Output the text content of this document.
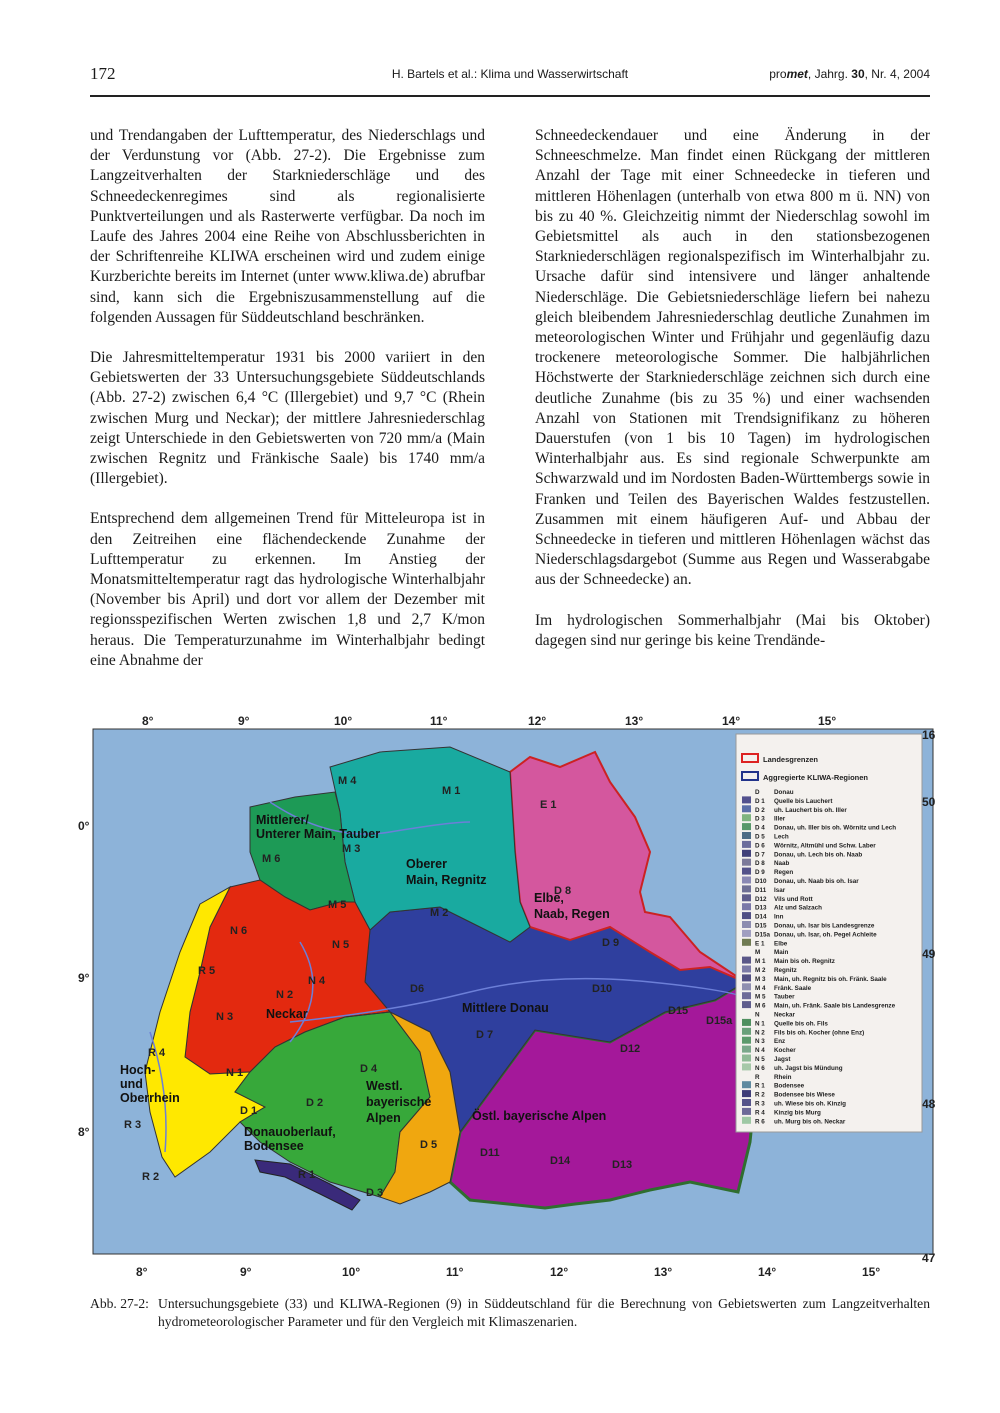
172	H. Bartels et al.: Klima und Wasserwirtschaft	promet, Jahrg. 30, Nr. 4, 2004

und Trendangaben der Lufttemperatur, des Niederschlags und der Verdunstung vor (Abb. 27-2). Die Ergebnisse zum Langzeitverhalten der Starkniederschläge und des Schneedeckenregimes sind als regionalisierte Punktverteilungen und als Rasterwerte verfügbar. Da noch im Laufe des Jahres 2004 eine Reihe von Abschlussberichten in der Schriftenreihe KLIWA erscheinen wird und zudem einige Kurzberichte bereits im Internet (unter www.kliwa.de) abrufbar sind, kann sich die Ergebniszusammenstellung auf die folgenden Aussagen für Süddeutschland beschränken.

Die Jahresmitteltemperatur 1931 bis 2000 variiert in den Gebietswerten der 33 Untersuchungsgebiete Süddeutschlands (Abb. 27-2) zwischen 6,4 °C (Illergebiet) und 9,7 °C (Rhein zwischen Murg und Neckar); der mittlere Jahresniederschlag zeigt Unterschiede in den Gebietswerten von 720 mm/a (Main zwischen Regnitz und Fränkische Saale) bis 1740 mm/a (Illergebiet).

Entsprechend dem allgemeinen Trend für Mitteleuropa ist in den Zeitreihen eine flächendeckende Zunahme der Lufttemperatur zu erkennen. Im Anstieg der Monatsmitteltemperatur ragt das hydrologische Winterhalbjahr (November bis April) und dort vor allem der Dezember mit regionsspezifischen Werten zwischen 1,8 und 2,7 K/mon heraus. Die Temperaturzunahme im Winterhalbjahr bedingt eine Abnahme der

Schneedeckendauer und eine Änderung in der Schneeschmelze. Man findet einen Rückgang der mittleren Anzahl der Tage mit einer Schneedecke in tieferen und mittleren Höhenlagen (unterhalb von etwa 800 m ü. NN) von bis zu 40 %. Gleichzeitig nimmt der Niederschlag sowohl im Gebietsmittel als auch in den stationsbezogenen Starkniederschlägen regionalspezifisch im Winterhalbjahr zu. Ursache dafür sind intensivere und länger anhaltende Niederschläge. Die Gebietsniederschläge liefern bei nahezu gleich bleibendem Jahresniederschlag deutliche Zunahmen im meteorologischen Winter und Frühjahr und gegenläufig dazu trockenere meteorologische Sommer. Die halbjährlichen Höchstwerte der Starkniederschläge zeichnen sich durch eine deutliche Zunahme (bis zu 35 %) und einer wachsenden Anzahl von Stationen mit Trendsignifikanz zu höheren Dauerstufen (von 1 bis 10 Tagen) im hydrologischen Winterhalbjahr aus. Es sind regionale Schwerpunkte am Schwarzwald und im Nordosten Baden-Württembergs sowie in Franken und Teilen des Bayerischen Waldes festzustellen. Zusammen mit einem häufigeren Auf- und Abbau der Schneedecke in tieferen und mittleren Höhenlagen wächst das Niederschlagsdargebot (Summe aus Regen und Wasserabgabe aus der Schneedecke) an.

Im hydrologischen Sommerhalbjahr (Mai bis Oktober) dagegen sind nur geringe bis keine Trendände-

8°	9°	10°	11°	12°	13°	14°	15°
8°	9°	10°	11°	12°	13°	14°	15°
0°
9°
8°
16
50
49
48
47
Mittlerer/
Unterer Main, Tauber
Oberer
Main, Regnitz
Elbe,
Naab, Regen
Neckar	Mittlere Donau
Hoch-
und
Oberrhein
Westl.
bayerische
Alpen
Donauoberlauf,
Bodensee
Östl. bayerische Alpen
M 4
M 1
M 3
M 6
M 5
M 2
E 1
D 8
D 9
D10
D15
D15a
D6
D 7
D12
D11
D14	D13
N 6
N 5
N 4
N 2
N 3
N 1
R 5
R 4
R 3
R 2	R 1
D 1
D 2
D 3
D 4
D 5
Landesgrenzen
Aggregierte KLIWA-Regionen
D Donau
D 1 Quelle bis Lauchert
D 2 uh. Lauchert bis oh. Iller
D 3 Iller
D 4 Donau, uh. Iller bis oh. Wörnitz und Lech
D 5 Lech
D 6 Wörnitz, Altmühl und Schw. Laber
D 7 Donau, uh. Lech bis oh. Naab
D 8 Naab
D 9 Regen
D10 Donau, uh. Naab bis oh. Isar
D11 Isar
D12 Vils und Rott
D13 Alz und Salzach
D14 Inn
D15 Donau, uh. Isar bis Landesgrenze
D15a Donau, uh. Isar, oh. Pegel Achleite
E 1 Elbe
M Main
M 1 Main bis oh. Regnitz
M 2 Regnitz
M 3 Main, uh. Regnitz bis oh. Fränk. Saale
M 4 Fränk. Saale
M 5 Tauber
M 6 Main, uh. Fränk. Saale bis Landesgrenze
N Neckar
N 1 Quelle bis oh. Fils
N 2 Fils bis oh. Kocher (ohne Enz)
N 3 Enz
N 4 Kocher
N 5 Jagst
N 6 uh. Jagst bis Mündung
R Rhein
R 1 Bodensee
R 2 Bodensee bis Wiese
R 3 uh. Wiese bis oh. Kinzig
R 4 Kinzig bis Murg
R 6 uh. Murg bis oh. Neckar
Abb. 27-2: Untersuchungsgebiete (33) und KLIWA-Regionen (9) in Süddeutschland für die Berechnung von Gebietswerten zum Langzeitverhalten hydrometeorologischer Parameter und für den Vergleich mit Klimaszenarien.
